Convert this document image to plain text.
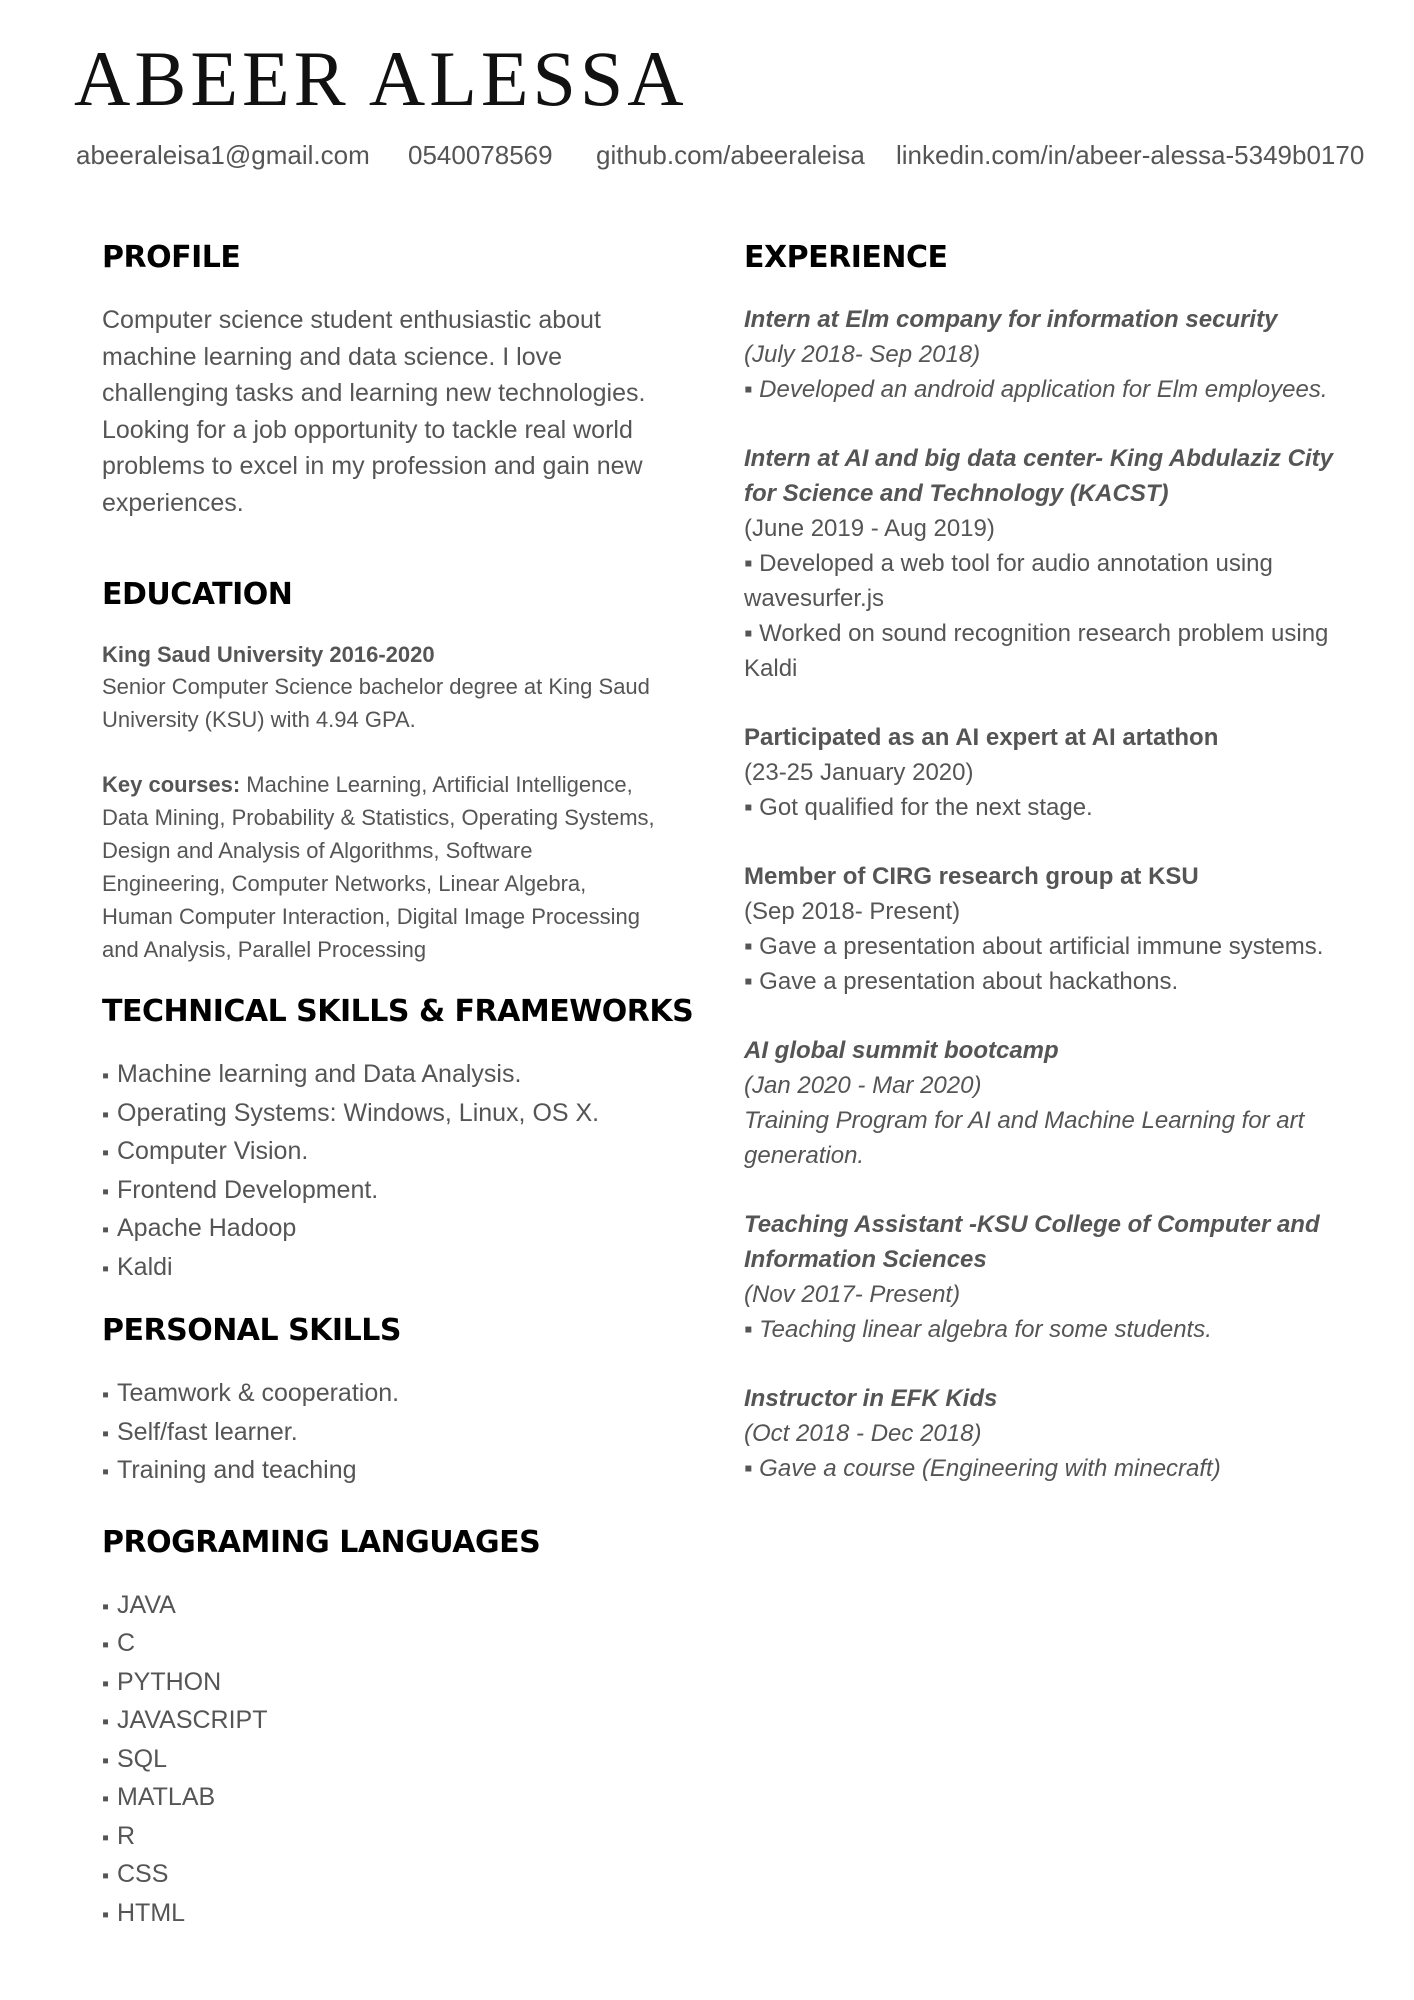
ABEER ALESSA
abeeraleisa1@gmail.com 0540078569 github.com/abeeraleisa linkedin.com/in/abeer-alessa-5349b0170
PROFILE

Computer science student enthusiastic about machine learning and data science. I love challenging tasks and learning new technologies. Looking for a job opportunity to tackle real world problems to excel in my profession and gain new experiences.

EDUCATION

King Saud University 2016-2020

Senior Computer Science bachelor degree at King Saud University (KSU) with 4.94 GPA.

Key courses: Machine Learning, Artificial Intelligence, Data Mining, Probability & Statistics, Operating Systems, Design and Analysis of Algorithms, Software Engineering, Computer Networks, Linear Algebra, Human Computer Interaction, Digital Image Processing and Analysis, Parallel Processing

TECHNICAL SKILLS & FRAMEWORKS
▪ Machine learning and Data Analysis.
▪ Operating Systems: Windows, Linux, OS X.
▪ Computer Vision.
▪ Frontend Development.
▪ Apache Hadoop
▪ Kaldi
PERSONAL SKILLS
▪ Teamwork & cooperation.
▪ Self/fast learner.
▪ Training and teaching
PROGRAMING LANGUAGES
▪ JAVA
▪ C
▪ PYTHON
▪ JAVASCRIPT
▪ SQL
▪ MATLAB
▪ R
▪ CSS
▪ HTML
EXPERIENCE
Intern at Elm company for information security
(July 2018- Sep 2018)
▪ Developed an android application for Elm employees.
Intern at AI and big data center- King Abdulaziz City for Science and Technology (KACST)
(June 2019 - Aug 2019)
▪ Developed a web tool for audio annotation using wavesurfer.js
▪ Worked on sound recognition research problem using Kaldi
Participated as an AI expert at AI artathon
(23-25 January 2020)
▪ Got qualified for the next stage.
Member of CIRG research group at KSU
(Sep 2018- Present)
▪ Gave a presentation about artificial immune systems.
▪ Gave a presentation about hackathons.
AI global summit bootcamp
(Jan 2020 - Mar 2020)
Training Program for AI and Machine Learning for art generation.
Teaching Assistant -KSU College of Computer and Information Sciences
(Nov 2017- Present)
▪ Teaching linear algebra for some students.
Instructor in EFK Kids
(Oct 2018 - Dec 2018)
▪ Gave a course (Engineering with minecraft)
